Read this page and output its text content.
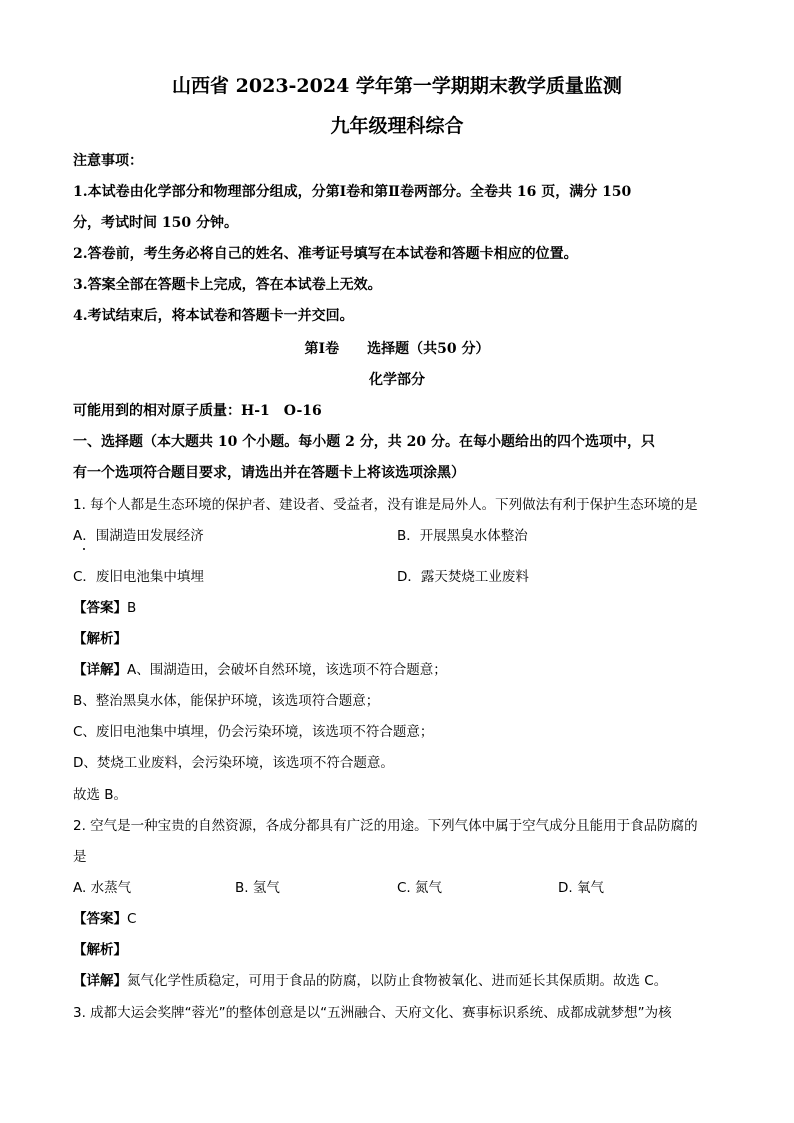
山西省 2023-2024 学年第一学期期末教学质量监测
九年级理科综合
注意事项：
1.本试卷由化学部分和物理部分组成，分第Ⅰ卷和第Ⅱ卷两部分。全卷共 16 页，满分 150
分，考试时间 150 分钟。
2.答卷前，考生务必将自己的姓名、准考证号填写在本试卷和答题卡相应的位置。
3.答案全部在答题卡上完成，答在本试卷上无效。
4.考试结束后，将本试卷和答题卡一并交回。
第Ⅰ卷　　选择题（共50 分）
化学部分
可能用到的相对原子质量：H-1　O-16
一、选择题（本大题共 10 个小题。每小题 2 分，共 20 分。在每小题给出的四个选项中，只
有一个选项符合题目要求，请选出并在答题卡上将该选项涂黑）
1. 每个人都是生态环境的保护者、建设者、受益者，没有谁是局外人。下列做法有利于保护生态环境的是
A．围湖造田发展经济	B．开展黑臭水体整治
C．废旧电池集中填埋	D．露天焚烧工业废料
【答案】B
【解析】
【详解】A、围湖造田，会破坏自然环境，该选项不符合题意；
B、整治黑臭水体，能保护环境，该选项符合题意；
C、废旧电池集中填埋，仍会污染环境，该选项不符合题意；
D、焚烧工业废料，会污染环境，该选项不符合题意。
故选 B。
2. 空气是一种宝贵的自然资源，各成分都具有广泛的用途。下列气体中属于空气成分且能用于食品防腐的
是
A. 水蒸气	B. 氢气	C. 氮气	D. 氧气
【答案】C
【解析】
【详解】氮气化学性质稳定，可用于食品的防腐，以防止食物被氧化、进而延长其保质期。故选 C。
3. 成都大运会奖牌“蓉光”的整体创意是以“五洲融合、天府文化、赛事标识系统、成都成就梦想”为核
